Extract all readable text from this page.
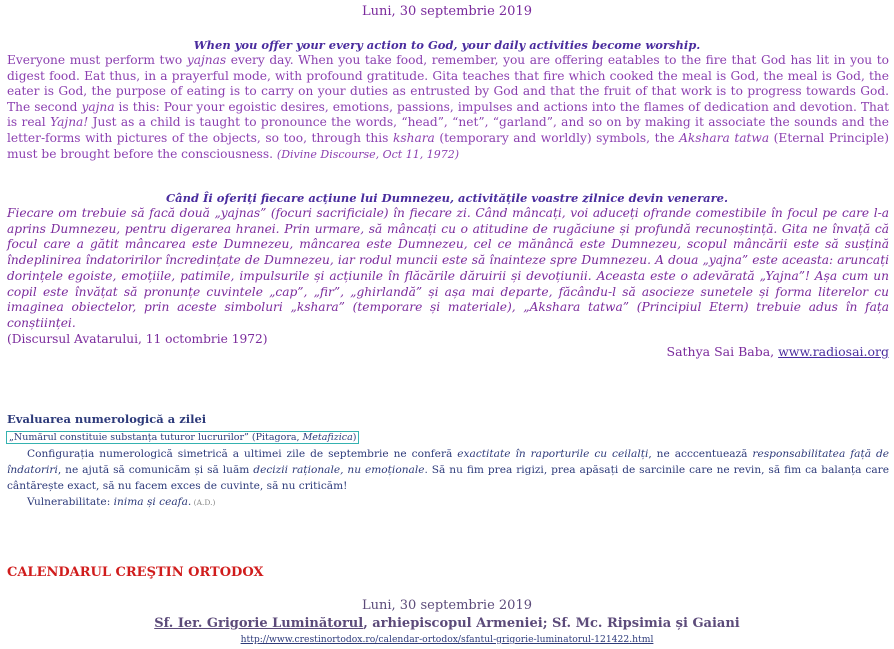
Luni, 30 septembrie 2019
When you offer your every action to God, your daily activities become worship.
Everyone must perform two yajnas every day. When you take food, remember, you are offering eatables to the fire that God has lit in you to digest food. Eat thus, in a prayerful mode, with profound gratitude. Gita teaches that fire which cooked the meal is God, the meal is God, the eater is God, the purpose of eating is to carry on your duties as entrusted by God and that the fruit of that work is to progress towards God. The second yajna is this: Pour your egoistic desires, emotions, passions, impulses and actions into the flames of dedication and devotion. That is real Yajna! Just as a child is taught to pronounce the words, “head”, “net”, “garland”, and so on by making it associate the sounds and the letter-forms with pictures of the objects, so too, through this kshara (temporary and worldly) symbols, the Akshara tatwa (Eternal Principle) must be brought before the consciousness. (Divine Discourse, Oct 11, 1972)
Când Îi oferiți fiecare acțiune lui Dumnezeu, activitățile voastre zilnice devin venerare.
Fiecare om trebuie să facă două „yajnas” (focuri sacrificiale) în fiecare zi. Când mâncați, voi aduceți ofrande comestibile în focul pe care l-a aprins Dumnezeu, pentru digerarea hranei. Prin urmare, să mâncați cu o atitudine de rugăciune și profundă recunoștință. Gita ne învață că focul care a gătit mâncarea este Dumnezeu, mâncarea este Dumnezeu, cel ce mănâncă este Dumnezeu, scopul mâncării este să susțină îndeplinirea îndatoririlor încredințate de Dumnezeu, iar rodul muncii este să înainteze spre Dumnezeu. A doua „yajna” este aceasta: aruncați dorințele egoiste, emoțiile, patimile, impulsurile și acțiunile în flăcările dăruirii și devoțiunii. Aceasta este o adevărată „Yajna”! Așa cum un copil este învățat să pronunțe cuvintele „cap”, „fir”, „ghirlandă” și așa mai departe, făcându-l să asocieze sunetele și forma literelor cu imaginea obiectelor, prin aceste simboluri „kshara” (temporare și materiale), „Akshara tatwa” (Principiul Etern) trebuie adus în fața conștiinței.
(Discursul Avatarului, 11 octombrie 1972)
Sathya Sai Baba, www.radiosai.org
Evaluarea numerologică a zilei
„Numărul constituie substanța tuturor lucrurilor” (Pitagora, Metafizica)
Configurația numerologică simetrică a ultimei zile de septembrie ne conferă exactitate în raporturile cu ceilalți, ne acccentuează responsabilitatea față de îndatoriri, ne ajută să comunicăm și să luăm decizii raționale, nu emoționale. Să nu fim prea rigizi, prea apăsați de sarcinile care ne revin, să fim ca balanța care cântărește exact, să nu facem exces de cuvinte, să nu criticăm!
Vulnerabilitate: inima și ceafa. (A.D.)
CALENDARUL CREŞTIN ORTODOX
Luni, 30 septembrie 2019
Sf. Ier. Grigorie Luminătorul, arhiepiscopul Armeniei; Sf. Mc. Ripsimia și Gaiani
http://www.crestinortodox.ro/calendar-ortodox/sfantul-grigorie-luminatorul-121422.html
